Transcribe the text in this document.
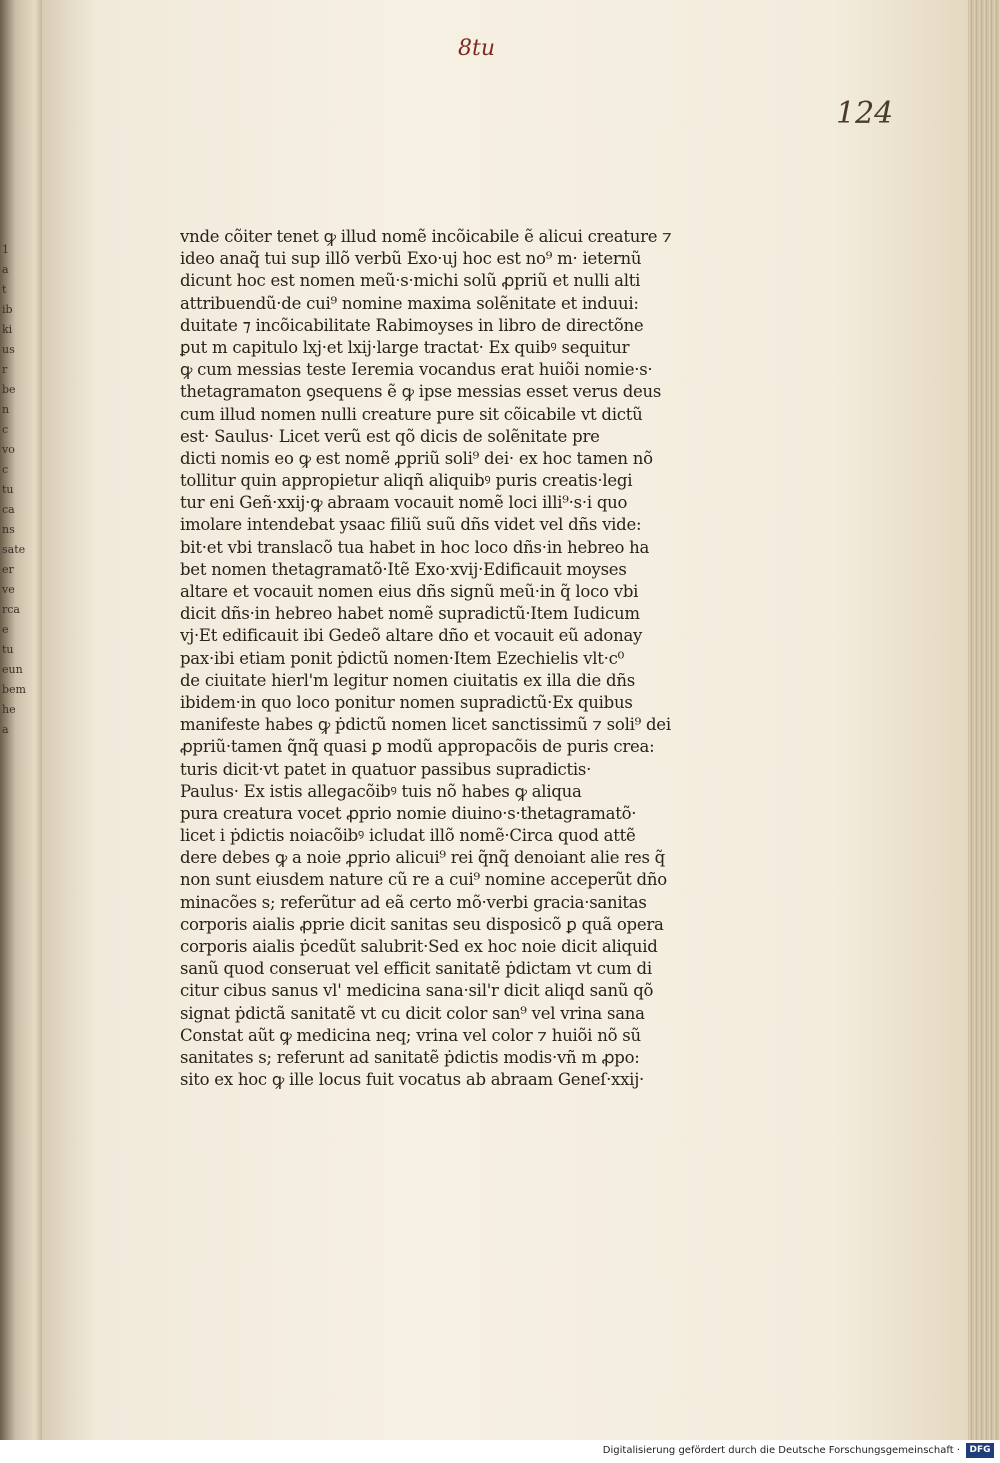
1
a
t
ib
ki
us
r
be
n
c
vo
c
tu
ca
ns
sate
er
ve
rca
e
tu
eun
bem
he
a
8tu
124
vnde cõiter tenet ꝙ illud nomẽ incõicabile ẽ alicui creature ⁊
ideo anaq̃ tui sup illõ verbũ Exo·uj hoc est no⁹ m· ieternũ
dicunt hoc est nomen meũ·s·michi solũ ꝓpriũ et nulli alti
attribuendũ·de cui⁹ nomine maxima solẽnitate et induui:
duitate ⁊ incõicabilitate Rabimoyses in libro de directõne
ꝑut m capitulo lxj·et lxij·large tractat· Ex quibꝰ sequitur
ꝙ cum messias teste Ieremia vocandus erat huiõi nomie·s·
thetagramaton ꝯsequens ẽ ꝙ ipse messias esset verus deus
cum illud nomen nulli creature pure sit cõicabile vt dictũ
est· Saulus· Licet verũ est qõ dicis de solẽnitate pre
dicti nomis eo ꝙ est nomẽ ꝓpriũ soli⁹ dei· ex hoc tamen nõ
tollitur quin appropietur aliqñ aliquibꝰ puris creatis·legi
tur eni Geñ·xxij·ꝙ abraam vocauit nomẽ loci illi⁹·s·i quo
imolare intendebat ysaac filiũ suũ dñs videt vel dñs vide:
bit·et vbi translacõ tua habet in hoc loco dñs·in hebreo ha
bet nomen thetagramatõ·Itẽ Exo·xvij·Edificauit moyses
altare et vocauit nomen eius dñs signũ meũ·in q̃ loco vbi
dicit dñs·in hebreo habet nomẽ supradictũ·Item Iudicum
vj·Et edificauit ibi Gedeõ altare dño et vocauit eũ adonay
pax·ibi etiam ponit ṗdictũ nomen·Item Ezechielis vlt·c⁰
de ciuitate hierl'm legitur nomen ciuitatis ex illa die dñs
ibidem·in quo loco ponitur nomen supradictũ·Ex quibus
manifeste habes ꝙ ṗdictũ nomen licet sanctissimũ ⁊ soli⁹ dei
ꝓpriũ·tamen q̃nq̃ quasi ꝑ modũ appropacõis de puris crea:
turis dicit·vt patet in quatuor passibus supradictis·
Paulus· Ex istis allegacõibꝰ tuis nõ habes ꝙ aliqua
pura creatura vocet ꝓprio nomie diuino·s·thetagramatõ·
licet i ṗdictis noiacõibꝰ icludat illõ nomẽ·Circa quod attẽ
dere debes ꝙ a noie ꝓprio alicui⁹ rei q̃nq̃ denoiant alie res q̃
non sunt eiusdem nature cũ re a cui⁹ nomine acceperũt dño
minacões s; referũtur ad eã certo mõ·verbi gracia·sanitas
corporis aialis ꝓprie dicit sanitas seu disposicõ ꝑ quã opera
corporis aialis ṗcedũt salubrit·Sed ex hoc noie dicit aliquid
sanũ quod conseruat vel efficit sanitatẽ ṗdictam vt cum di
citur cibus sanus vl' medicina sana·sil'r dicit aliqd sanũ qõ
signat ṗdictã sanitatẽ vt cu dicit color san⁹ vel vrina sana
Constat aũt ꝙ medicina neq; vrina vel color ⁊ huiõi nõ sũ
sanitates s; referunt ad sanitatẽ ṗdictis modis·vñ m ꝓpo:
sito ex hoc ꝙ ille locus fuit vocatus ab abraam Geneſ·xxij·
Digitalisierung gefördert durch die Deutsche Forschungsgemeinschaft ·	DFG
